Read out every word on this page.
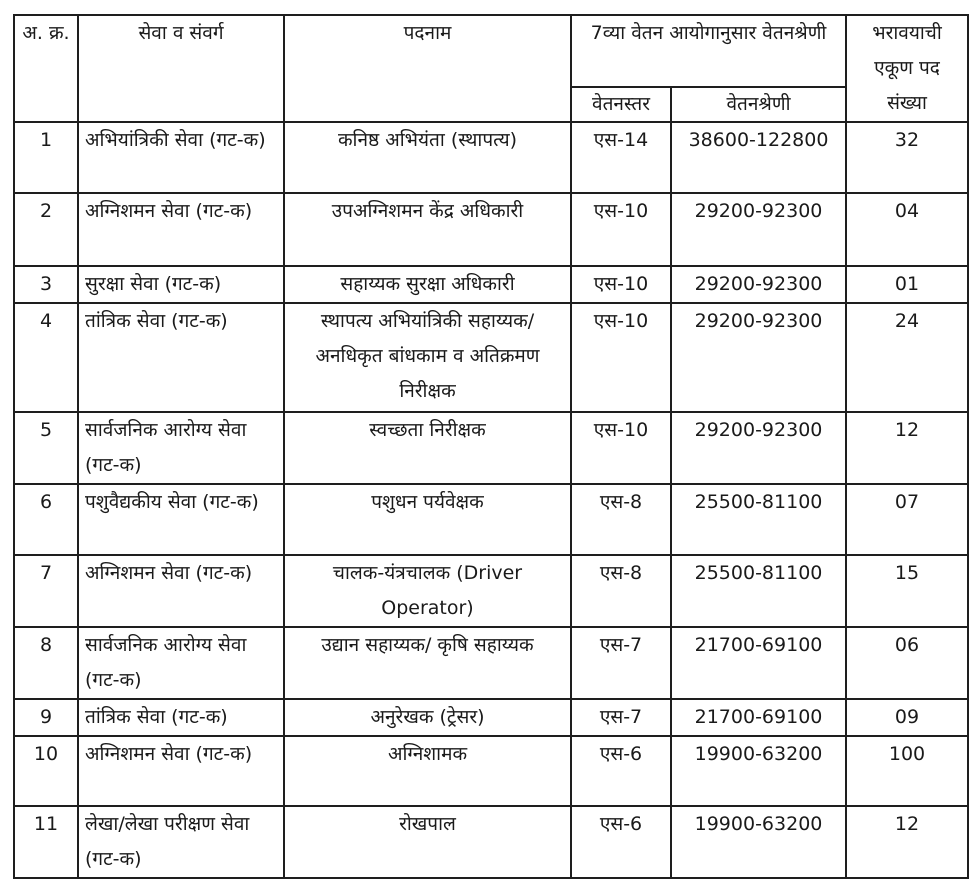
अ. क्र.	सेवा व संवर्ग	पदनाम	7व्या वेतन आयोगानुसार वेतनश्रेणी		भरावयाची एकूण पद संख्या
			वेतनस्तर	वेतनश्रेणी	
1	अभियांत्रिकी सेवा (गट-क)	कनिष्ठ अभियंता (स्थापत्य)	एस-14	38600-122800	32
2	अग्निशमन सेवा (गट-क)	उपअग्निशमन केंद्र अधिकारी	एस-10	29200-92300	04
3	सुरक्षा सेवा (गट-क)	सहाय्यक सुरक्षा अधिकारी	एस-10	29200-92300	01
4	तांत्रिक सेवा (गट-क)	स्थापत्य अभियांत्रिकी सहाय्यक/अनधिकृत बांधकाम व अतिक्रमण निरीक्षक	एस-10	29200-92300	24
5	सार्वजनिक आरोग्य सेवा (गट-क)	स्वच्छता निरीक्षक	एस-10	29200-92300	12
6	पशुवैद्यकीय सेवा (गट-क)	पशुधन पर्यवेक्षक	एस-8	25500-81100	07
7	अग्निशमन सेवा (गट-क)	चालक-यंत्रचालक (Driver Operator)	एस-8	25500-81100	15
8	सार्वजनिक आरोग्य सेवा (गट-क)	उद्यान सहाय्यक/ कृषि सहाय्यक	एस-7	21700-69100	06
9	तांत्रिक सेवा (गट-क)	अनुरेखक (ट्रेसर)	एस-7	21700-69100	09
10	अग्निशमन सेवा (गट-क)	अग्निशामक	एस-6	19900-63200	100
11	लेखा/लेखा परीक्षण सेवा (गट-क)	रोखपाल	एस-6	19900-63200	12
